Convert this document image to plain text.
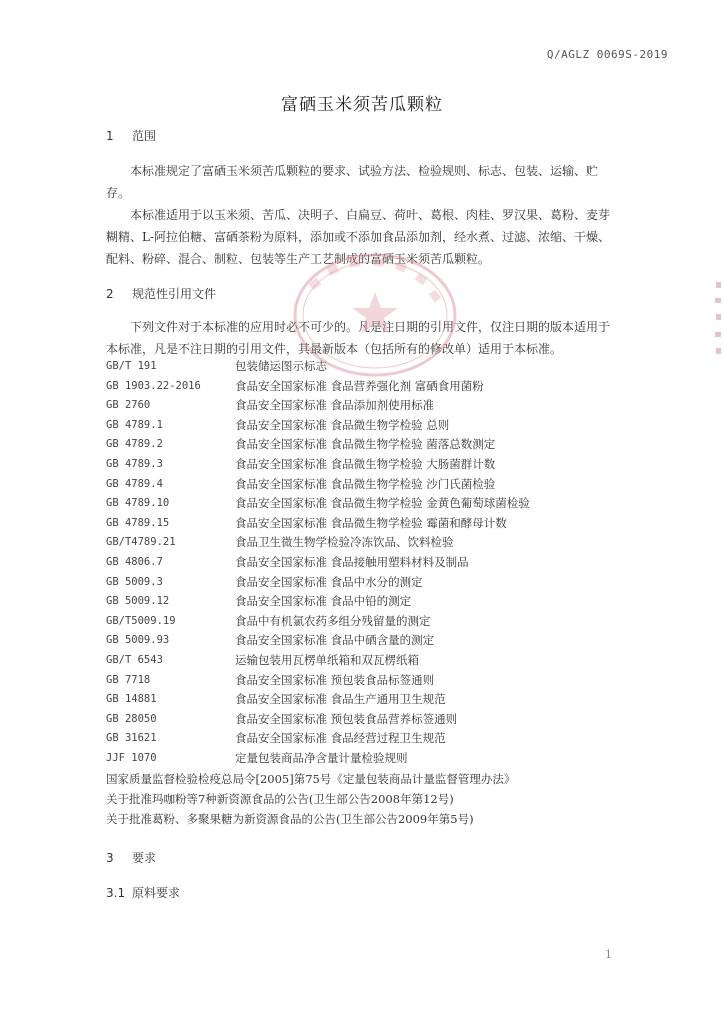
Q/AGLZ 0069S-2019
富硒玉米须苦瓜颗粒
1 范围
本标准规定了富硒玉米须苦瓜颗粒的要求、试验方法、检验规则、标志、包装、运输、贮存。
本标准适用于以玉米须、苦瓜、决明子、白扁豆、荷叶、葛根、肉桂、罗汉果、葛粉、麦芽糊精、L-阿拉伯糖、富硒茶粉为原料，添加或不添加食品添加剂，经水煮、过滤、浓缩、干燥、配料、粉碎、混合、制粒、包装等生产工艺制成的富硒玉米须苦瓜颗粒。
2 规范性引用文件
下列文件对于本标准的应用时必不可少的。凡是注日期的引用文件，仅注日期的版本适用于本标准，凡是不注日期的引用文件，其最新版本（包括所有的修改单）适用于本标准。
GB/T 191	包装储运图示标志
GB 1903.22-2016	食品安全国家标准 食品营养强化剂 富硒食用菌粉
GB 2760	食品安全国家标准 食品添加剂使用标准
GB 4789.1	食品安全国家标准 食品微生物学检验 总则
GB 4789.2	食品安全国家标准 食品微生物学检验 菌落总数测定
GB 4789.3	食品安全国家标准 食品微生物学检验 大肠菌群计数
GB 4789.4	食品安全国家标准 食品微生物学检验 沙门氏菌检验
GB 4789.10	食品安全国家标准 食品微生物学检验 金黄色葡萄球菌检验
GB 4789.15	食品安全国家标准 食品微生物学检验 霉菌和酵母计数
GB/T4789.21	食品卫生微生物学检验冷冻饮品、饮料检验
GB 4806.7	食品安全国家标准 食品接触用塑料材料及制品
GB 5009.3	食品安全国家标准 食品中水分的测定
GB 5009.12	食品安全国家标准 食品中铅的测定
GB/T5009.19	食品中有机氯农药多组分残留量的测定
GB 5009.93	食品安全国家标准 食品中硒含量的测定
GB/T 6543	运输包装用瓦楞单纸箱和双瓦楞纸箱
GB 7718	食品安全国家标准 预包装食品标签通则
GB 14881	食品安全国家标准 食品生产通用卫生规范
GB 28050	食品安全国家标准 预包装食品营养标签通则
GB 31621	食品安全国家标准 食品经营过程卫生规范
JJF 1070	定量包装商品净含量计量检验规则
国家质量监督检验检疫总局令[2005]第75号《定量包装商品计量监督管理办法》
关于批准玛咖粉等7种新资源食品的公告(卫生部公告2008年第12号)
关于批准葛粉、多聚果糖为新资源食品的公告(卫生部公告2009年第5号)
3 要求
3.1 原料要求
1
